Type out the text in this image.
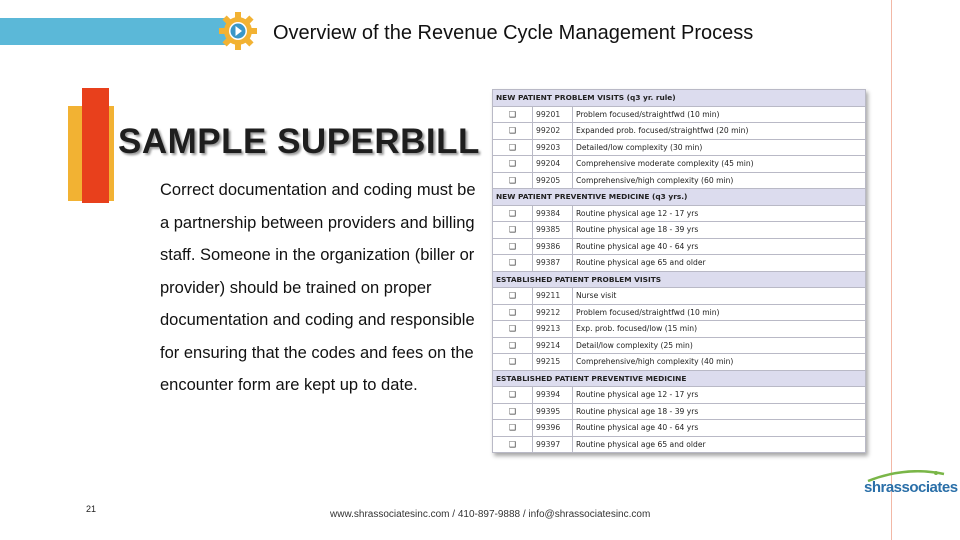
Overview of the Revenue Cycle Management Process
SAMPLE SUPERBILL

Correct documentation and coding must be a partnership between providers and billing staff. Someone in the organization (biller or provider) should be trained on proper documentation and coding and responsible for ensuring that the codes and fees on the encounter form are kept up to date.

NEW PATIENT PROBLEM VISITS (q3 yr. rule)		
❑	99201	Problem focused/straightfwd (10 min)
❑	99202	Expanded prob. focused/straightfwd (20 min)
❑	99203	Detailed/low complexity (30 min)
❑	99204	Comprehensive moderate complexity (45 min)
❑	99205	Comprehensive/high complexity (60 min)
NEW PATIENT PREVENTIVE MEDICINE (q3 yrs.)		
❑	99384	Routine physical age 12 - 17 yrs
❑	99385	Routine physical age 18 - 39 yrs
❑	99386	Routine physical age 40 - 64 yrs
❑	99387	Routine physical age 65 and older
ESTABLISHED PATIENT PROBLEM VISITS		
❑	99211	Nurse visit
❑	99212	Problem focused/straightfwd (10 min)
❑	99213	Exp. prob. focused/low (15 min)
❑	99214	Detail/low complexity (25 min)
❑	99215	Comprehensive/high complexity (40 min)
ESTABLISHED PATIENT PREVENTIVE MEDICINE		
❑	99394	Routine physical age 12 - 17 yrs
❑	99395	Routine physical age 18 - 39 yrs
❑	99396	Routine physical age 40 - 64 yrs
❑	99397	Routine physical age 65 and older
21	www.shrassociatesinc.com / 410-897-9888 / info@shrassociatesinc.com
shrassociates
